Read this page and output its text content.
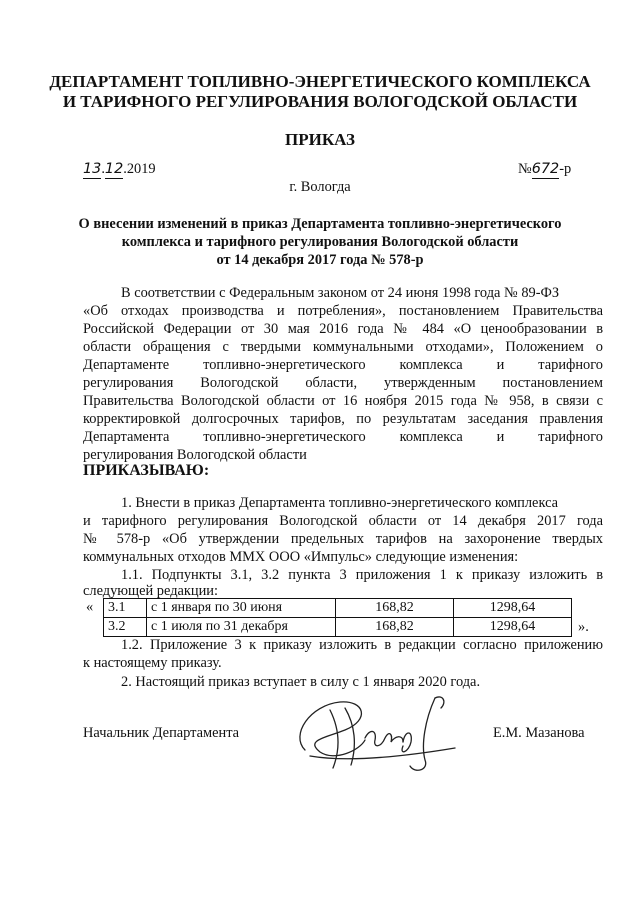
ДЕПАРТАМЕНТ ТОПЛИВНО-ЭНЕРГЕТИЧЕСКОГО КОМПЛЕКСА
И ТАРИФНОГО РЕГУЛИРОВАНИЯ ВОЛОГОДСКОЙ ОБЛАСТИ
ПРИКАЗ
13.12.2019	№672-р
г. Вологда
О внесении изменений в приказ Департамента топливно-энергетического
комплекса и тарифного регулирования Вологодской области
от 14 декабря 2017 года № 578-р
В соответствии с Федеральным законом от 24 июня 1998 года № 89-ФЗ
«Об отходах производства и потребления», постановлением Правительства
Российской Федерации от 30 мая 2016 года № 484 «О ценообразовании в
области обращения с твердыми коммунальными отходами», Положением о
Департаменте топливно-энергетического комплекса и тарифного
регулирования Вологодской области, утвержденным постановлением
Правительства Вологодской области от 16 ноября 2015 года № 958, в связи с
корректировкой долгосрочных тарифов, по результатам заседания правления
Департамента топливно-энергетического комплекса и тарифного
регулирования Вологодской области
ПРИКАЗЫВАЮ:
1. Внести в приказ Департамента топливно-энергетического комплекса
и тарифного регулирования Вологодской области от 14 декабря 2017 года
№ 578-р «Об утверждении предельных тарифов на захоронение твердых
коммунальных отходов ММХ ООО «Импульс» следующие изменения:
1.1. Подпункты 3.1, 3.2 пункта 3 приложения 1 к приказу изложить в
следующей редакции:
« 3.1	с 1 января по 30 июня	168,82	1298,64
3.2	с 1 июля по 31 декабря	168,82	1298,64	».
1.2. Приложение 3 к приказу изложить в редакции согласно приложению
к настоящему приказу.
2. Настоящий приказ вступает в силу с 1 января 2020 года.
Начальник Департамента	Е.М. Мазанова
